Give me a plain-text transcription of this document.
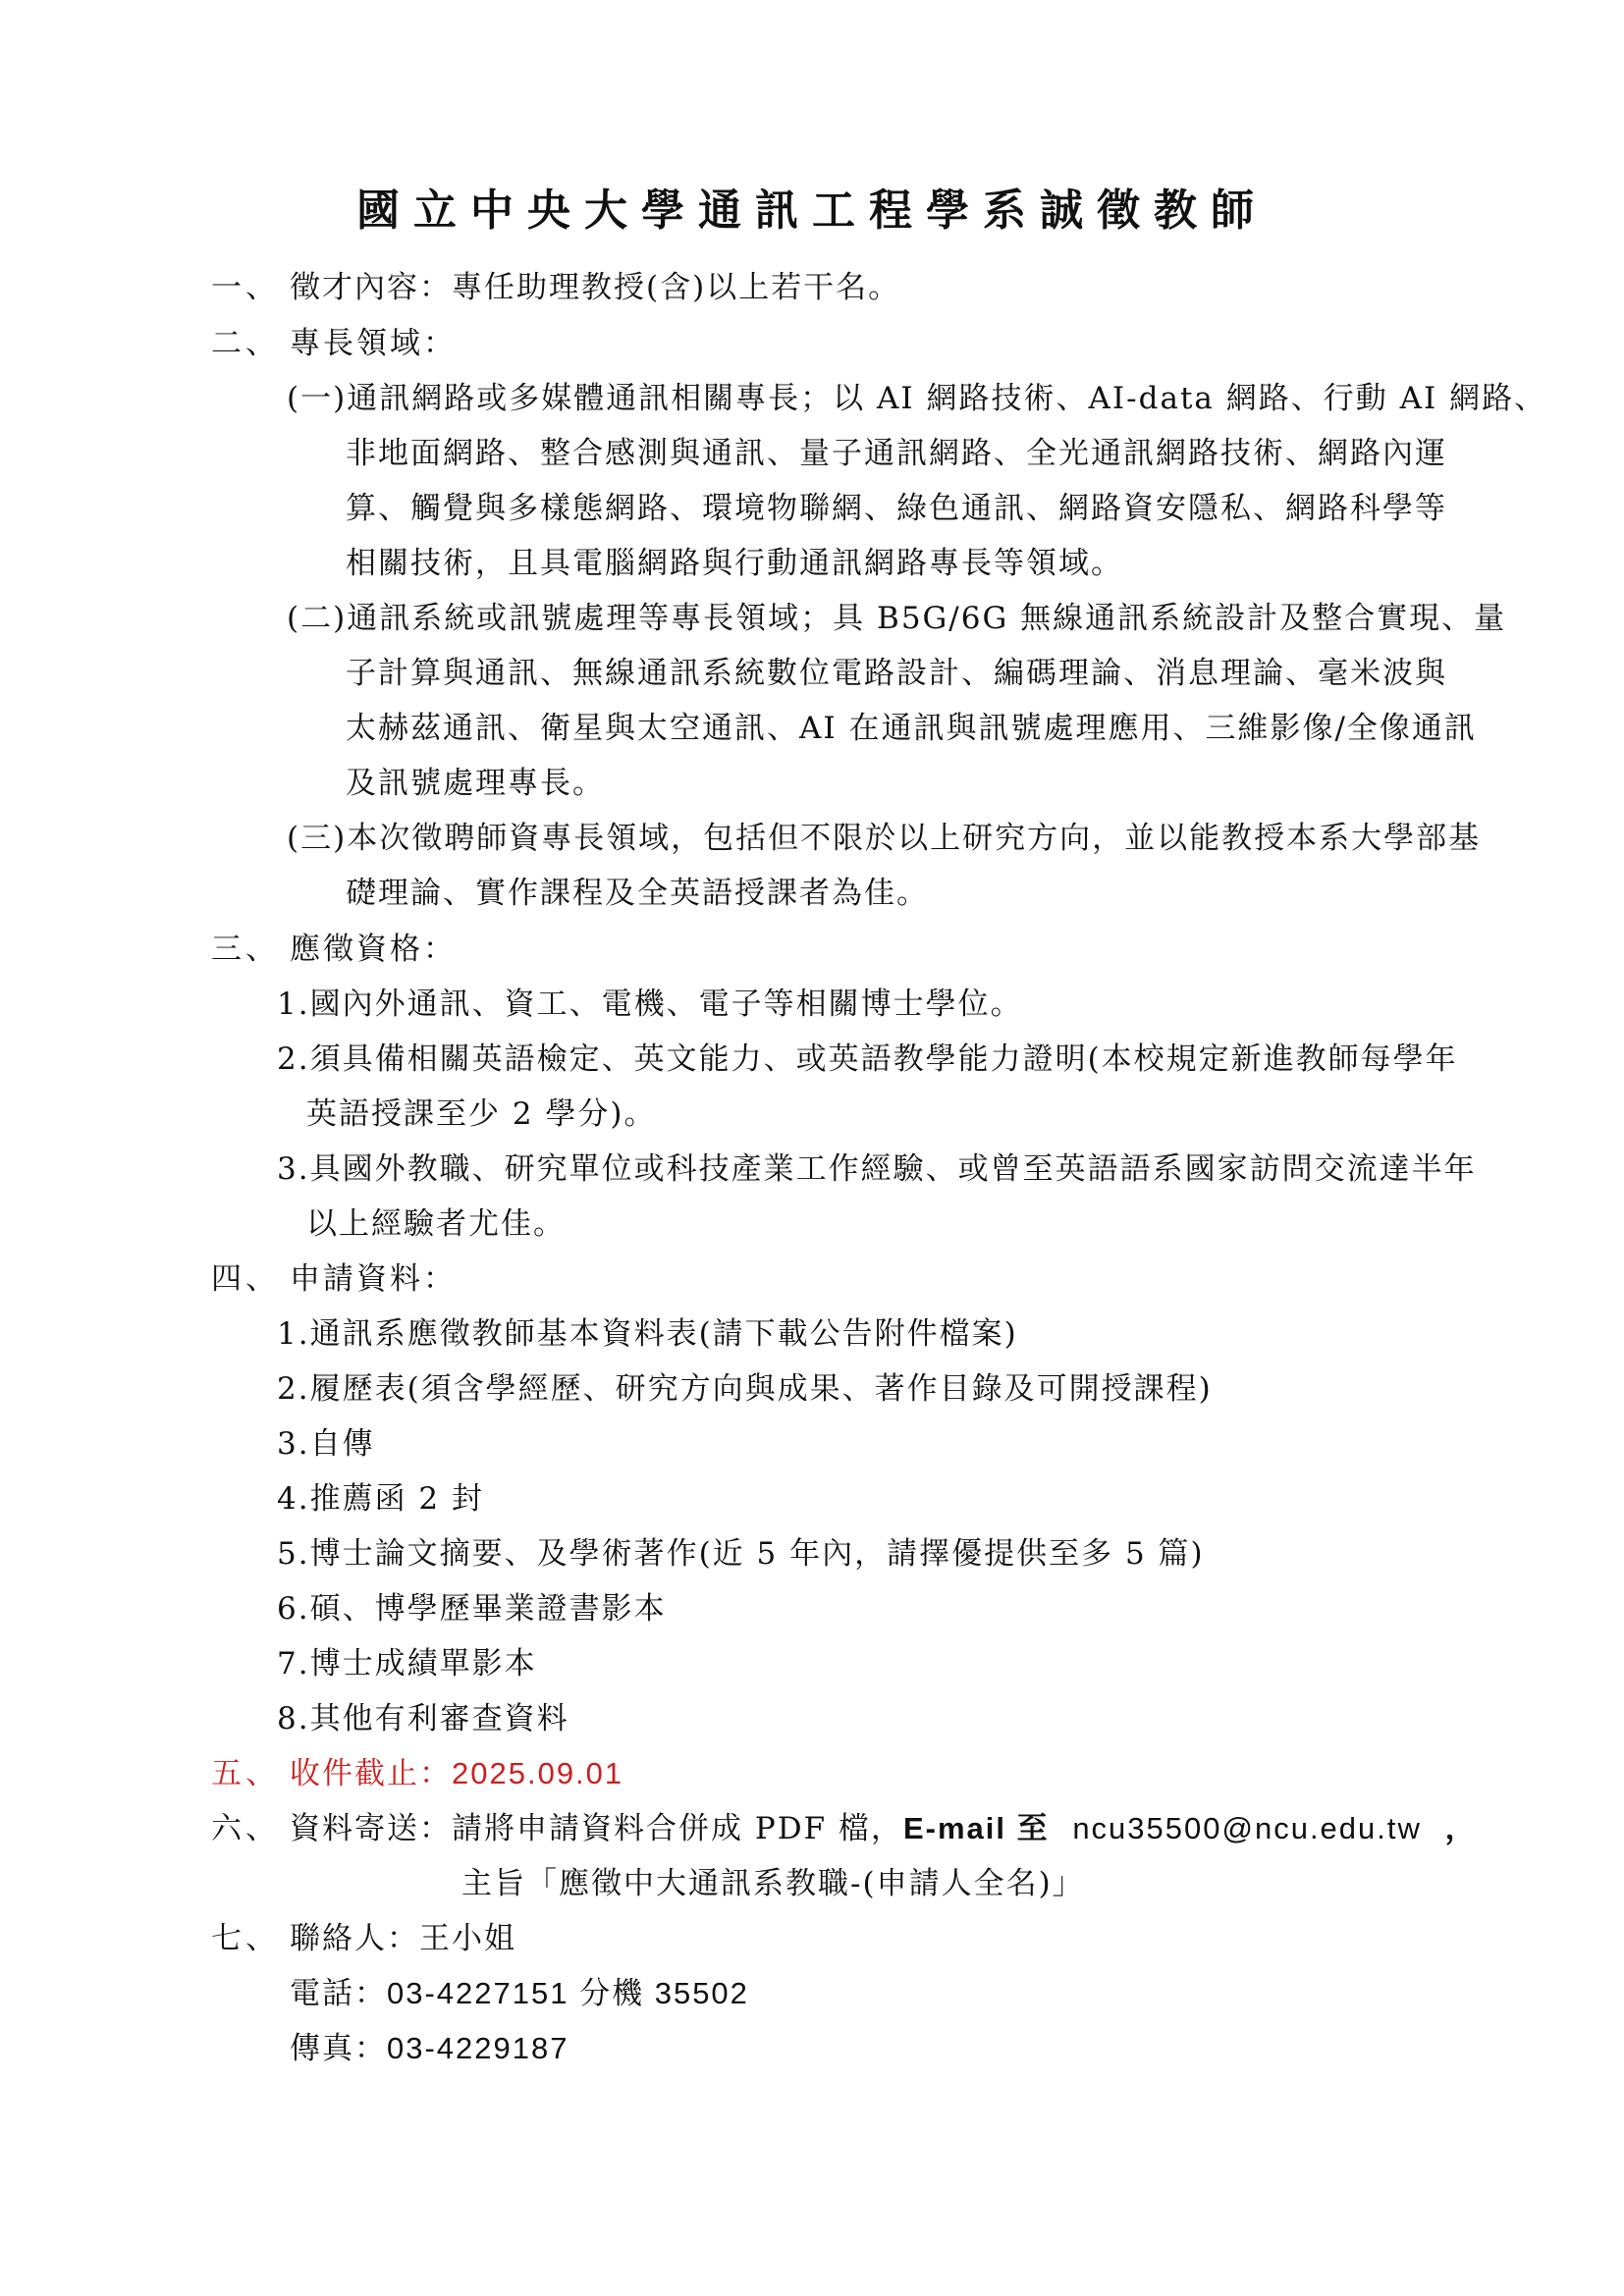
國立中央大學通訊工程學系誠徵教師
一、 徵才內容：專任助理教授(含)以上若干名。
二、 專長領域：
(一)通訊網路或多媒體通訊相關專長；以 AI 網路技術、AI-data 網路、行動 AI 網路、
非地面網路、整合感測與通訊、量子通訊網路、全光通訊網路技術、網路內運
算、觸覺與多樣態網路、環境物聯網、綠色通訊、網路資安隱私、網路科學等
相關技術，且具電腦網路與行動通訊網路專長等領域。
(二)通訊系統或訊號處理等專長領域；具 B5G/6G 無線通訊系統設計及整合實現、量
子計算與通訊、無線通訊系統數位電路設計、編碼理論、消息理論、毫米波與
太赫茲通訊、衛星與太空通訊、AI 在通訊與訊號處理應用、三維影像/全像通訊
及訊號處理專長。
(三)本次徵聘師資專長領域，包括但不限於以上研究方向，並以能教授本系大學部基
礎理論、實作課程及全英語授課者為佳。
三、 應徵資格：
1.國內外通訊、資工、電機、電子等相關博士學位。
2.須具備相關英語檢定、英文能力、或英語教學能力證明(本校規定新進教師每學年
英語授課至少 2 學分)。
3.具國外教職、研究單位或科技產業工作經驗、或曾至英語語系國家訪問交流達半年
以上經驗者尤佳。
四、 申請資料：
1.通訊系應徵教師基本資料表(請下載公告附件檔案)
2.履歷表(須含學經歷、研究方向與成果、著作目錄及可開授課程)
3.自傳
4.推薦函 2 封
5.博士論文摘要、及學術著作(近 5 年內，請擇優提供至多 5 篇)
6.碩、博學歷畢業證書影本
7.博士成績單影本
8.其他有利審查資料
五、 收件截止：2025.09.01
六、 資料寄送：請將申請資料合併成 PDF 檔，E-mail 至 ncu35500@ncu.edu.tw ，
主旨「應徵中大通訊系教職-(申請人全名)」
七、 聯絡人：王小姐
電話：03-4227151 分機 35502
傳真：03-4229187
